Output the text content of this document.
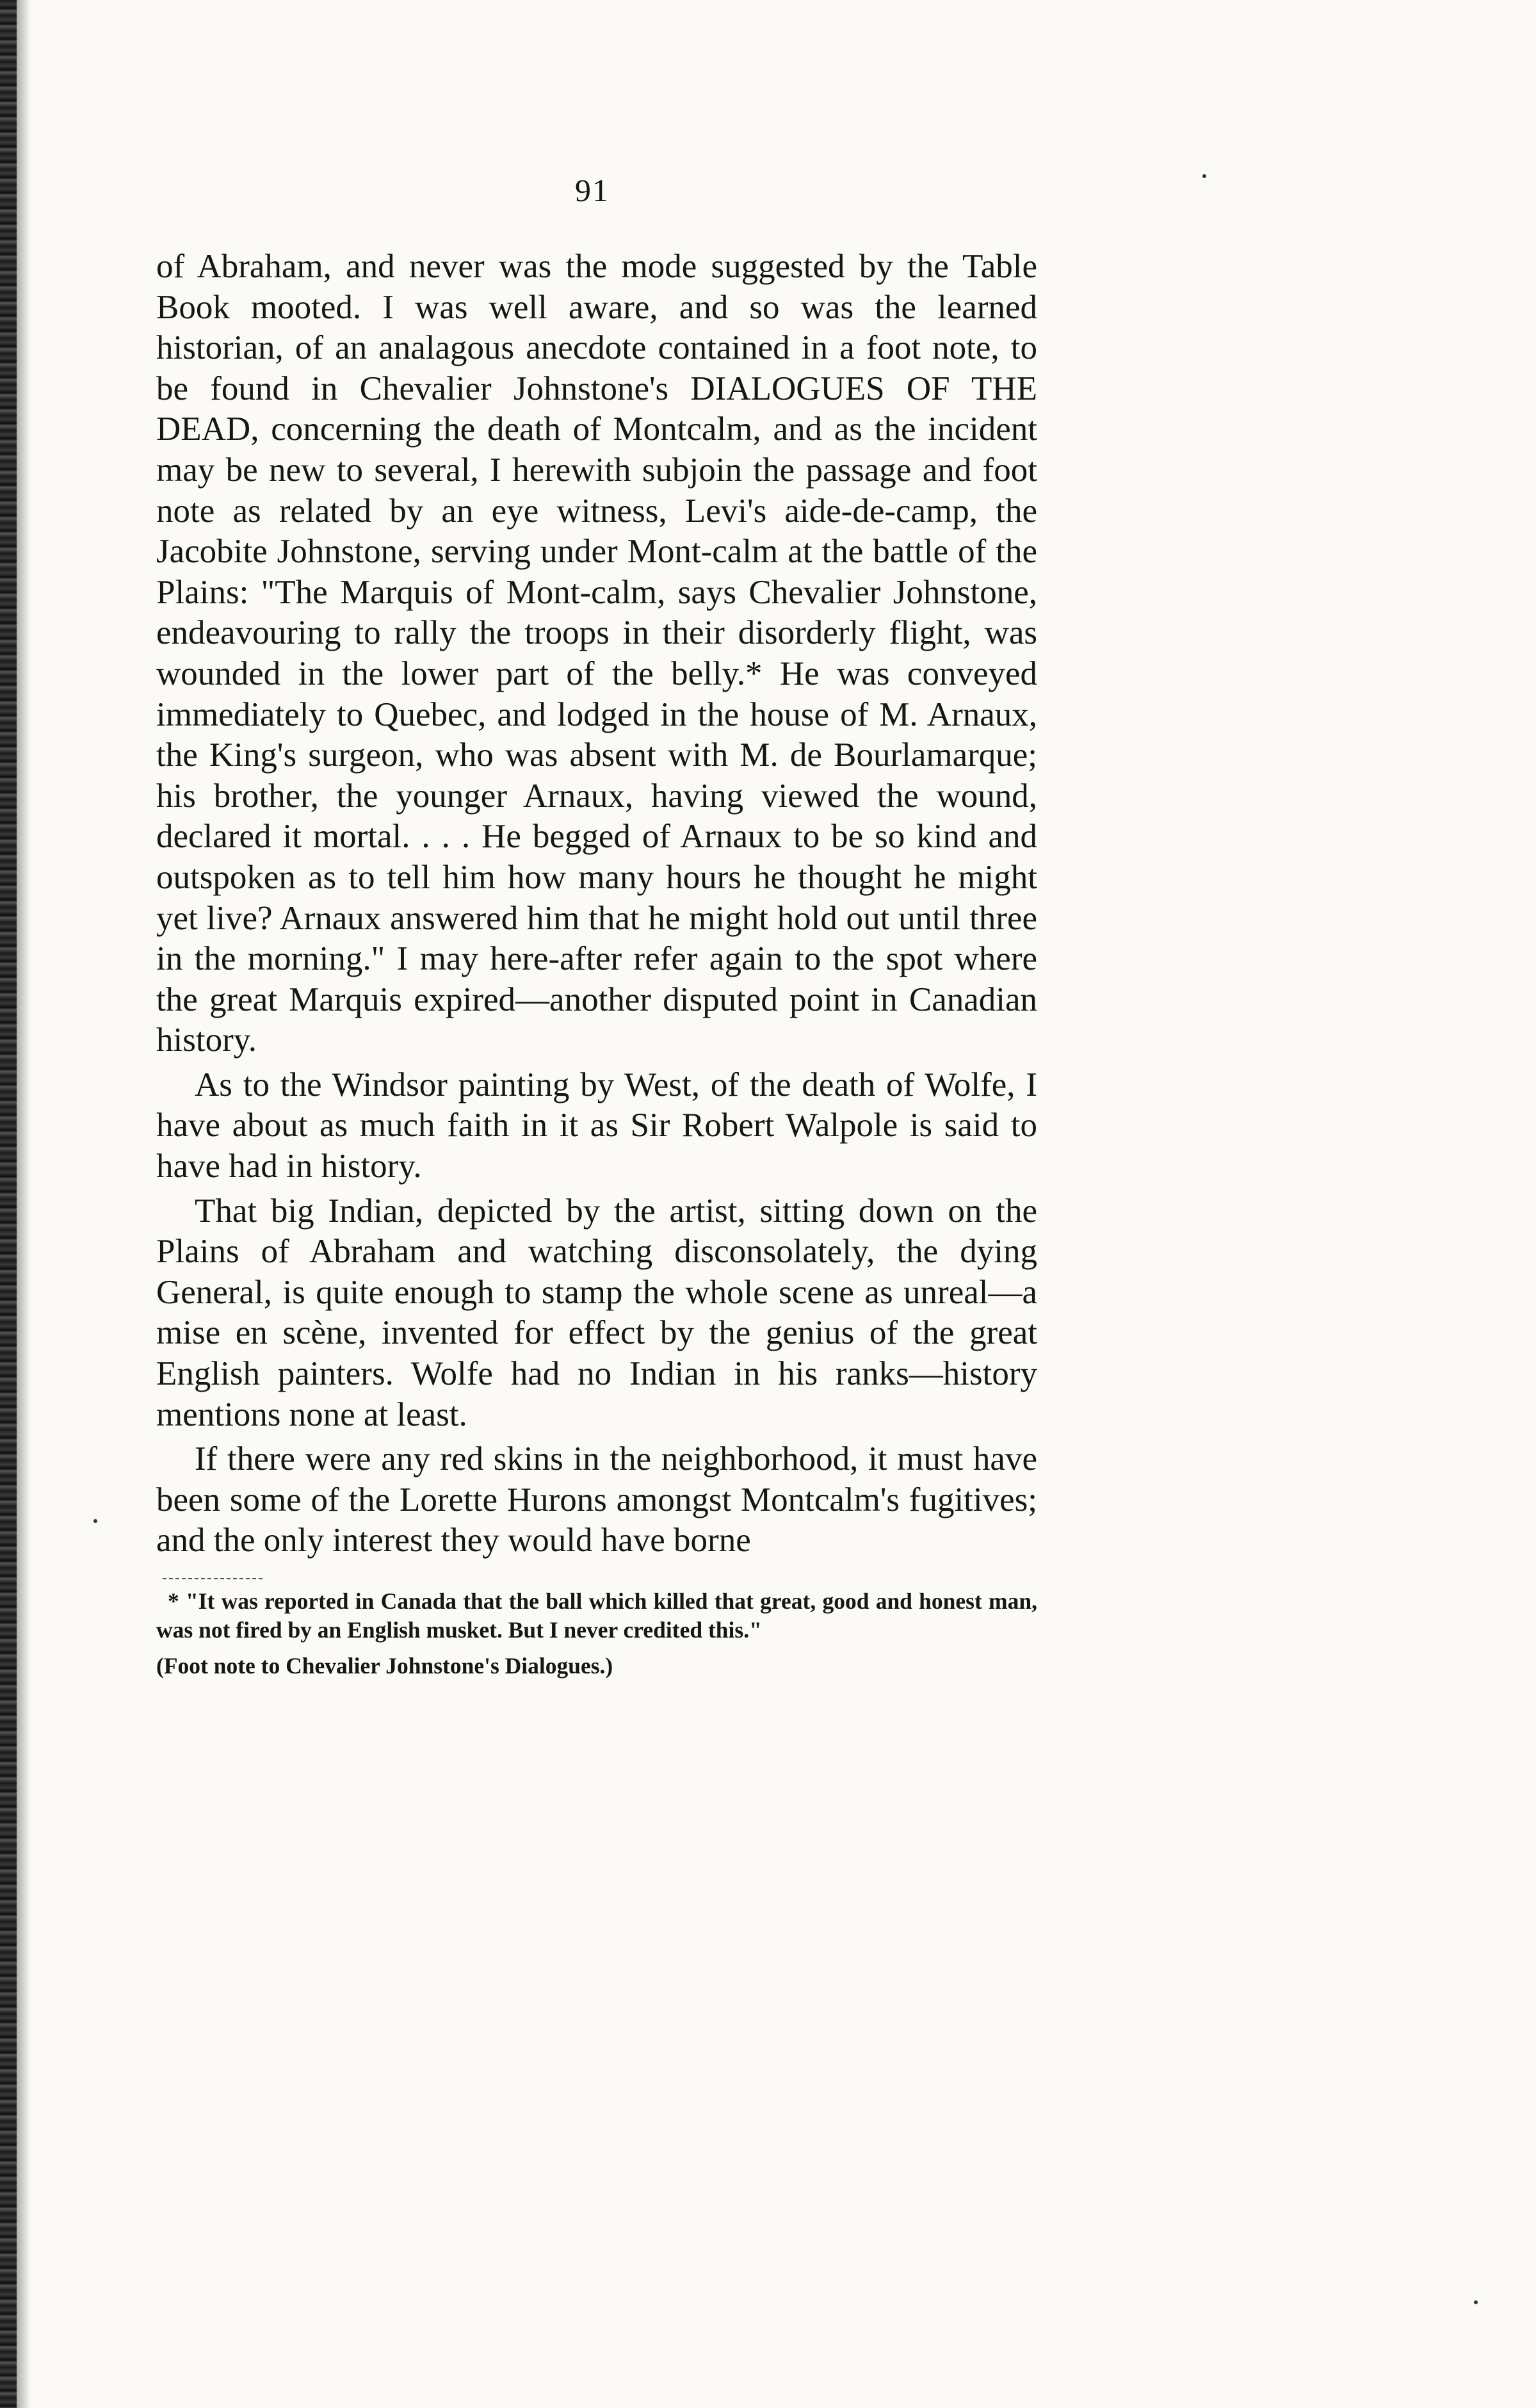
91

of Abraham, and never was the mode suggested by the Table Book mooted. I was well aware, and so was the learned historian, of an analagous anecdote contained in a foot note, to be found in Chevalier Johnstone's DIALOGUES OF THE DEAD, concerning the death of Montcalm, and as the incident may be new to several, I herewith subjoin the passage and foot note as related by an eye witness, Levi's aide-de-camp, the Jacobite Johnstone, serving under Mont-calm at the battle of the Plains: "The Marquis of Mont-calm, says Chevalier Johnstone, endeavouring to rally the troops in their disorderly flight, was wounded in the lower part of the belly.* He was conveyed immediately to Quebec, and lodged in the house of M. Arnaux, the King's surgeon, who was absent with M. de Bourlamarque; his brother, the younger Arnaux, having viewed the wound, declared it mortal. . . . He begged of Arnaux to be so kind and outspoken as to tell him how many hours he thought he might yet live? Arnaux answered him that he might hold out until three in the morning." I may here-after refer again to the spot where the great Marquis expired—another disputed point in Canadian history.

As to the Windsor painting by West, of the death of Wolfe, I have about as much faith in it as Sir Robert Walpole is said to have had in history.

That big Indian, depicted by the artist, sitting down on the Plains of Abraham and watching disconsolately, the dying General, is quite enough to stamp the whole scene as unreal—a mise en scène, invented for effect by the genius of the great English painters. Wolfe had no Indian in his ranks—history mentions none at least.

If there were any red skins in the neighborhood, it must have been some of the Lorette Hurons amongst Montcalm's fugitives; and the only interest they would have borne

* "It was reported in Canada that the ball which killed that great, good and honest man, was not fired by an English musket. But I never credited this."

(Foot note to Chevalier Johnstone's Dialogues.)
